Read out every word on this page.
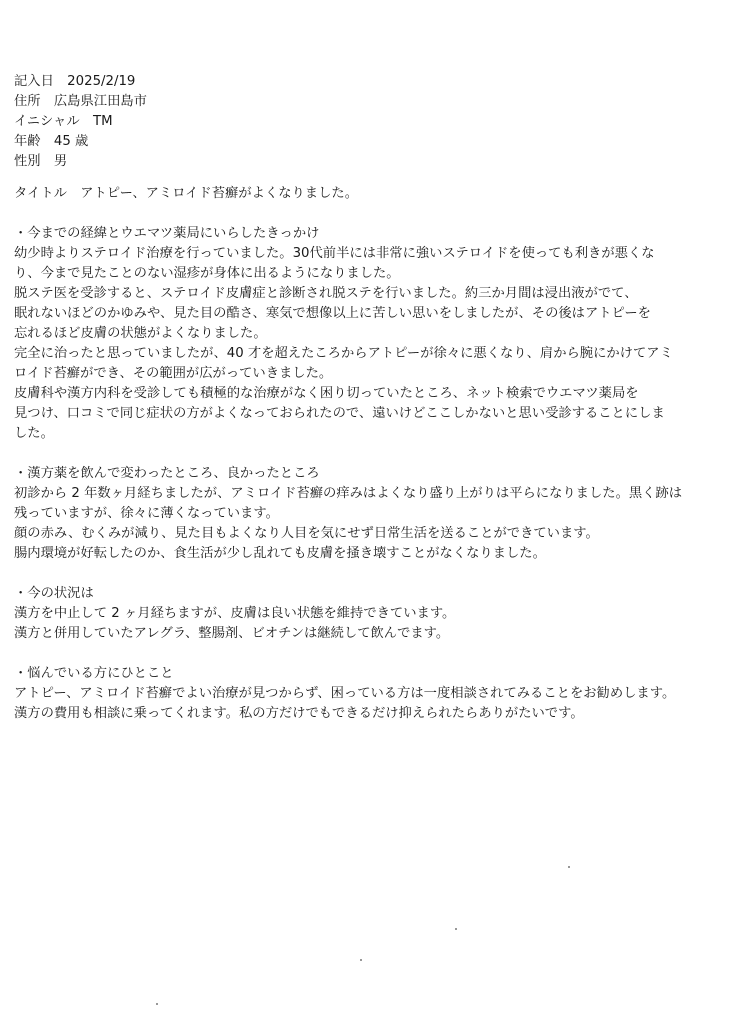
記入日　2025/2/19
住所　広島県江田島市
イニシャル　TM
年齢　45 歳
性別　男
タイトル　アトピー、アミロイド苔癬がよくなりました。
・今までの経緯とウエマツ薬局にいらしたきっかけ
幼少時よりステロイド治療を行っていました。30代前半には非常に強いステロイドを使っても利きが悪くな
り、今まで見たことのない湿疹が身体に出るようになりました。
脱ステ医を受診すると、ステロイド皮膚症と診断され脱ステを行いました。約三か月間は浸出液がでて、
眠れないほどのかゆみや、見た目の酷さ、寒気で想像以上に苦しい思いをしましたが、その後はアトピーを
忘れるほど皮膚の状態がよくなりました。
完全に治ったと思っていましたが、40 才を超えたころからアトピーが徐々に悪くなり、肩から腕にかけてアミ
ロイド苔癬ができ、その範囲が広がっていきました。
皮膚科や漢方内科を受診しても積極的な治療がなく困り切っていたところ、ネット検索でウエマツ薬局を
見つけ、口コミで同じ症状の方がよくなっておられたので、遠いけどここしかないと思い受診することにしま
した。
・漢方薬を飲んで変わったところ、良かったところ
初診から 2 年数ヶ月経ちましたが、アミロイド苔癬の痒みはよくなり盛り上がりは平らになりました。黒く跡は
残っていますが、徐々に薄くなっています。
顔の赤み、むくみが減り、見た目もよくなり人目を気にせず日常生活を送ることができています。
腸内環境が好転したのか、食生活が少し乱れても皮膚を掻き壊すことがなくなりました。
・今の状況は
漢方を中止して 2 ヶ月経ちますが、皮膚は良い状態を維持できています。
漢方と併用していたアレグラ、整腸剤、ビオチンは継続して飲んでます。
・悩んでいる方にひとこと
アトピー、アミロイド苔癬でよい治療が見つからず、困っている方は一度相談されてみることをお勧めします。
漢方の費用も相談に乗ってくれます。私の方だけでもできるだけ抑えられたらありがたいです。
